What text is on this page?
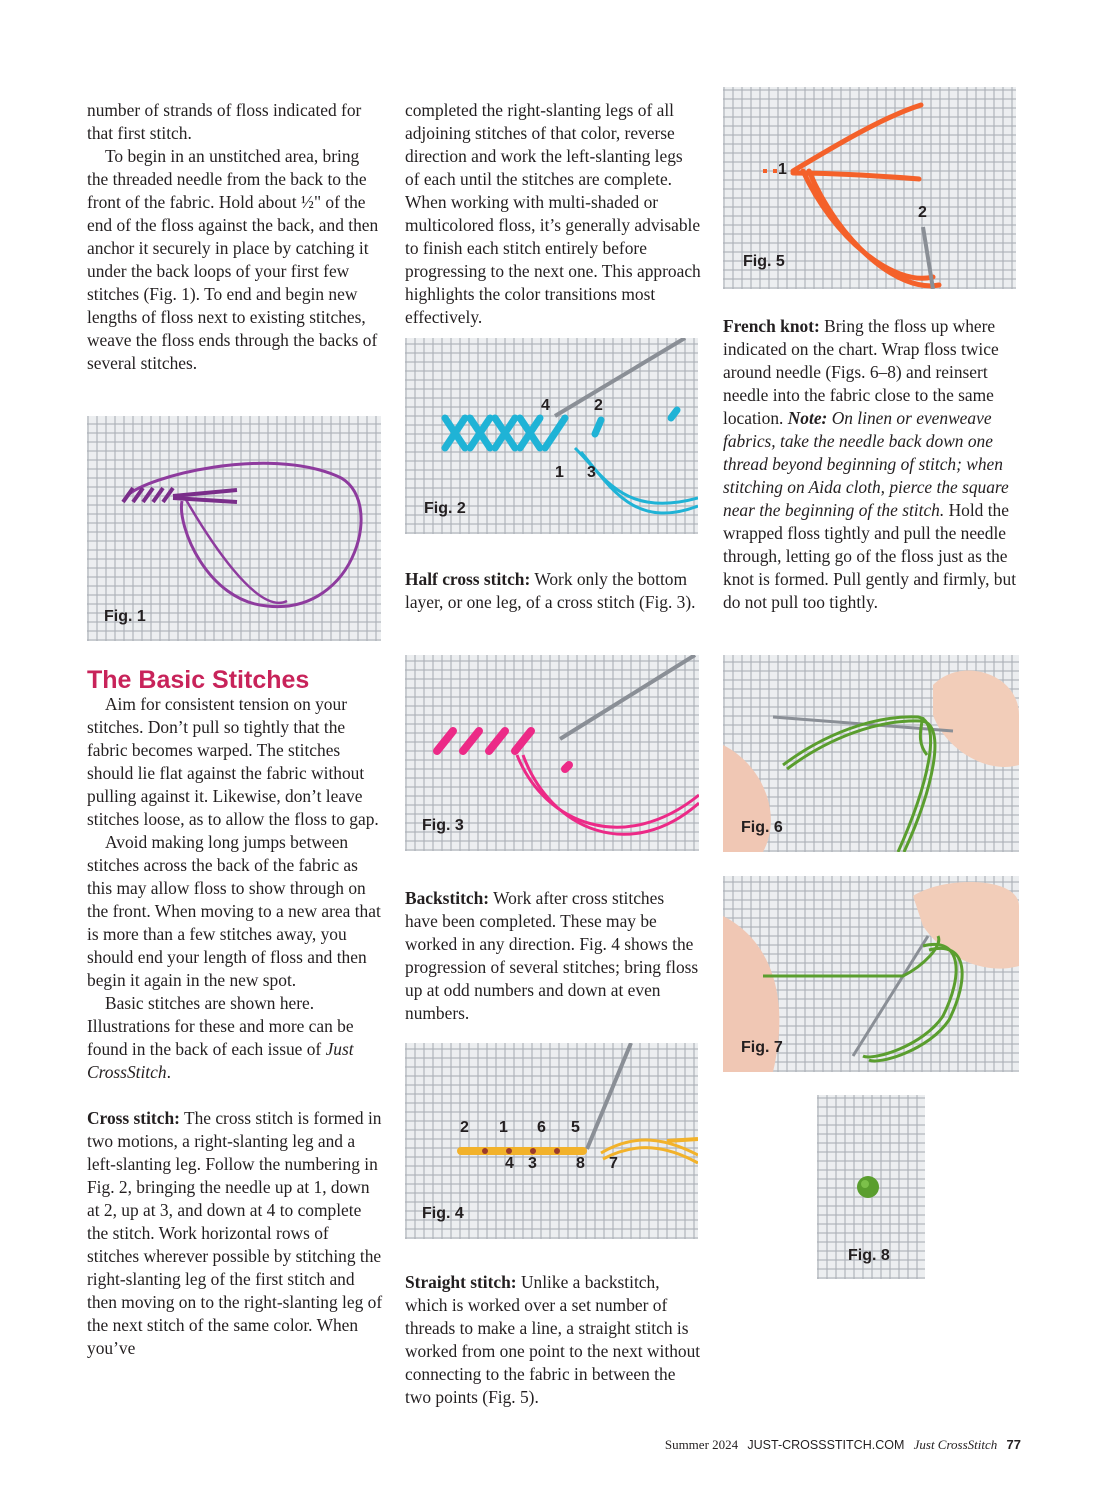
number of strands of floss indicated for that first stitch.

To begin in an unstitched area, bring the threaded needle from the back to the front of the fabric. Hold about ½" of the end of the floss against the back, and then anchor it securely in place by catching it under the back loops of your first few stitches (Fig. 1). To end and begin new lengths of floss next to existing stitches, weave the floss ends through the backs of several stitches.

Fig. 1
The Basic Stitches

Aim for consistent tension on your stitches. Don’t pull so tightly that the fabric becomes warped. The stitches should lie flat against the fabric without pulling against it. Likewise, don’t leave stitches loose, as to allow the floss to gap.

Avoid making long jumps between stitches across the back of the fabric as this may allow floss to show through on the front. When moving to a new area that is more than a few stitches away, you should end your length of floss and then begin it again in the new spot.

Basic stitches are shown here. Illustrations for these and more can be found in the back of each issue of Just CrossStitch.

Cross stitch: The cross stitch is formed in two motions, a right-slanting leg and a left-slanting leg. Follow the numbering in Fig. 2, bringing the needle up at 1, down at 2, up at 3, and down at 4 to complete the stitch. Work horizontal rows of stitches wherever possible by stitching the right-slanting leg of the first stitch and then moving on to the right-slanting leg of the next stitch of the same color. When you’ve

completed the right-slanting legs of all adjoining stitches of that color, reverse direction and work the left-slanting legs of each until the stitches are complete. When working with multi-shaded or multicolored floss, it’s generally advisable to finish each stitch entirely before progressing to the next one. This approach highlights the color transitions most effectively.

4	2
1 3
Fig. 2

Half cross stitch: Work only the bottom layer, or one leg, of a cross stitch (Fig. 3).

Fig. 3

Backstitch: Work after cross stitches have been completed. These may be worked in any direction. Fig. 4 shows the progression of several stitches; bring floss up at odd numbers and down at even numbers.

2 1 6 5
4 3 8 7
Fig. 4

Straight stitch: Unlike a backstitch, which is worked over a set number of threads to make a line, a straight stitch is worked from one point to the next without connecting to the fabric in between the two points (Fig. 5).

1
2
Fig. 5

French knot: Bring the floss up where indicated on the chart. Wrap floss twice around needle (Figs. 6–8) and reinsert needle into the fabric close to the same location. Note: On linen or evenweave fabrics, take the needle back down one thread beyond beginning of stitch; when stitching on Aida cloth, pierce the square near the beginning of the stitch. Hold the wrapped floss tightly and pull the needle through, letting go of the floss just as the knot is formed. Pull gently and firmly, but do not pull too tightly.

Fig. 6
Fig. 7
Fig. 8
Summer 2024 JUST-CROSSSTITCH.COM Just CrossStitch 77
